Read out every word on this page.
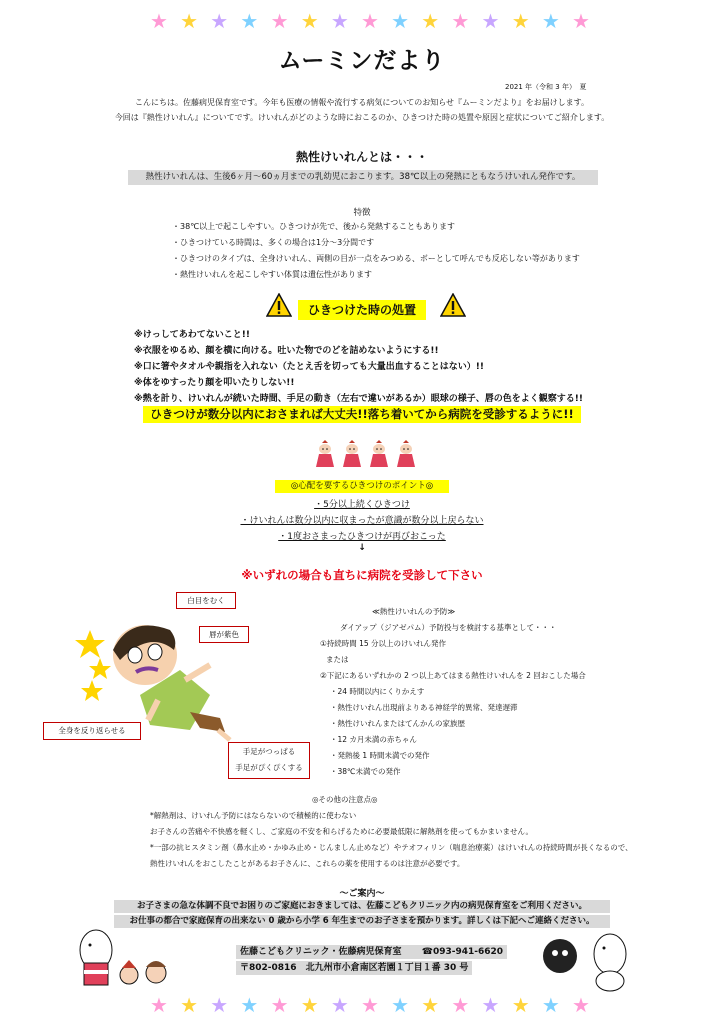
★ ★ ★ ★ ★ ★ ★ ★ ★ ★ ★ ★ ★ ★ ★
ムーミンだより
2021 年（令和 3 年）　夏
こんにちは。佐藤病児保育室です。今年も医療の情報や流行する病気についてのお知らせ『ムーミンだより』をお届けします。
今回は『熱性けいれん』についてです。けいれんがどのような時におこるのか、ひきつけた時の処置や原因と症状についてご紹介します。
熱性けいれんとは・・・
熱性けいれんは、生後6ヶ月～60ヵ月までの乳幼児におこります。38℃以上の発熱にともなうけいれん発作です。
特徴
・38℃以上で起こしやすい。ひきつけが先で、後から発熱することもあります
・ひきつけている時間は、多くの場合は1分～3分間です
・ひきつけのタイプは、全身けいれん、両側の目が一点をみつめる、ボーとして呼んでも反応しない等があります
・熱性けいれんを起こしやすい体質は遺伝性があります
ひきつけた時の処置
※けっしてあわてないこと!!
※衣服をゆるめ、顔を横に向ける。吐いた物でのどを詰めないようにする!!
※口に箸やタオルや親指を入れない（たとえ舌を切っても大量出血することはない）!!
※体をゆすったり顔を叩いたりしない!!
※熱を計り、けいれんが続いた時間、手足の動き（左右で違いがあるか）眼球の様子、唇の色をよく観察する!!
ひきつけが数分以内におさまれば大丈夫!!落ち着いてから病院を受診するように!!
◎心配を要するひきつけのポイント◎
・5分以上続くひきつけ
・けいれんは数分以内に収まったが意識が数分以上戻らない
・1度おさまったひきつけが再びおこった
↓
※いずれの場合も直ちに病院を受診して下さい
白目をむく
唇が紫色
全身を反り返らせる
手足がつっぱる
手足がぴくぴくする
≪熱性けいれんの予防≫
ダイアップ（ジアゼパム）予防投与を検討する基準として・・・
①持続時間 15 分以上のけいれん発作
または
②下記にあるいずれかの 2 つ以上あてはまる熱性けいれんを 2 回おこした場合
・24 時間以内にくりかえす
・熱性けいれん出現前よりある神経学的異常、発達遅滞
・熱性けいれんまたはてんかんの家族歴
・12 カ月未満の赤ちゃん
・発熱後 1 時間未満での発作
・38℃未満での発作
◎その他の注意点◎
*解熱剤は、けいれん予防にはならないので積極的に使わない
お子さんの苦痛や不快感を軽くし、ご家庭の不安を和らげるために必要最低限に解熱剤を使ってもかまいません。
*一部の抗ヒスタミン剤（鼻水止め・かゆみ止め・じんましん止めなど）やテオフィリン（喘息治療薬）はけいれんの持続時間が長くなるので、
熱性けいれんをおこしたことがあるお子さんに、これらの薬を使用するのは注意が必要です。
～ご案内～
お子さまの急な体調不良でお困りのご家庭におきましては、佐藤こどもクリニック内の病児保育室をご利用ください。
お仕事の都合で家庭保育の出来ない 0 歳から小学 6 年生までのお子さまを預かります。詳しくは下記へご連絡ください。
佐藤こどもクリニック・佐藤病児保育室 ☎093-941-6620
〒802-0816　北九州市小倉南区若園１丁目１番 30 号
★ ★ ★ ★ ★ ★ ★ ★ ★ ★ ★ ★ ★ ★ ★
